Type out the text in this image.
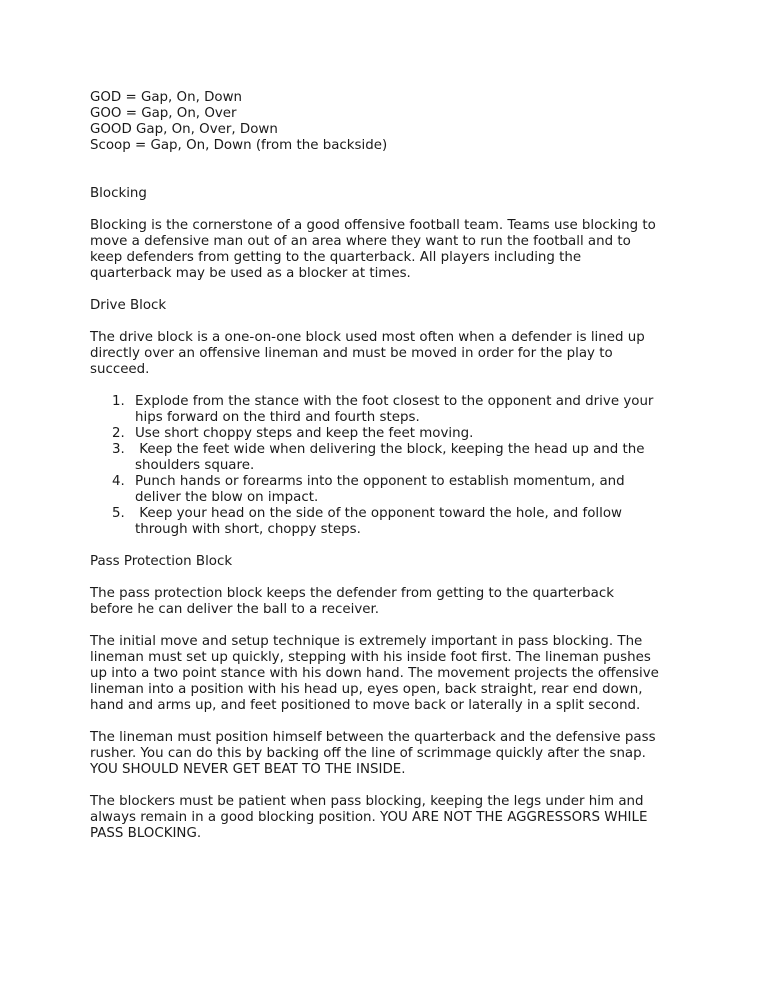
GOD = Gap, On, Down
GOO = Gap, On, Over
GOOD Gap, On, Over, Down
Scoop = Gap, On, Down (from the backside)
Blocking

Blocking is the cornerstone of a good offensive football team. Teams use blocking to
move a defensive man out of an area where they want to run the football and to
keep defenders from getting to the quarterback. All players including the
quarterback may be used as a blocker at times.

Drive Block

The drive block is a one-on-one block used most often when a defender is lined up
directly over an offensive lineman and must be moved in order for the play to
succeed.

1. Explode from the stance with the foot closest to the opponent and drive your
hips forward on the third and fourth steps.
2. Use short choppy steps and keep the feet moving.
3. Keep the feet wide when delivering the block, keeping the head up and the
shoulders square.
4. Punch hands or forearms into the opponent to establish momentum, and
deliver the blow on impact.
5. Keep your head on the side of the opponent toward the hole, and follow
through with short, choppy steps.
Pass Protection Block

The pass protection block keeps the defender from getting to the quarterback
before he can deliver the ball to a receiver.

The initial move and setup technique is extremely important in pass blocking. The
lineman must set up quickly, stepping with his inside foot first. The lineman pushes
up into a two point stance with his down hand. The movement projects the offensive
lineman into a position with his head up, eyes open, back straight, rear end down,
hand and arms up, and feet positioned to move back or laterally in a split second.

The lineman must position himself between the quarterback and the defensive pass
rusher. You can do this by backing off the line of scrimmage quickly after the snap.
YOU SHOULD NEVER GET BEAT TO THE INSIDE.

The blockers must be patient when pass blocking, keeping the legs under him and
always remain in a good blocking position. YOU ARE NOT THE AGGRESSORS WHILE
PASS BLOCKING.
